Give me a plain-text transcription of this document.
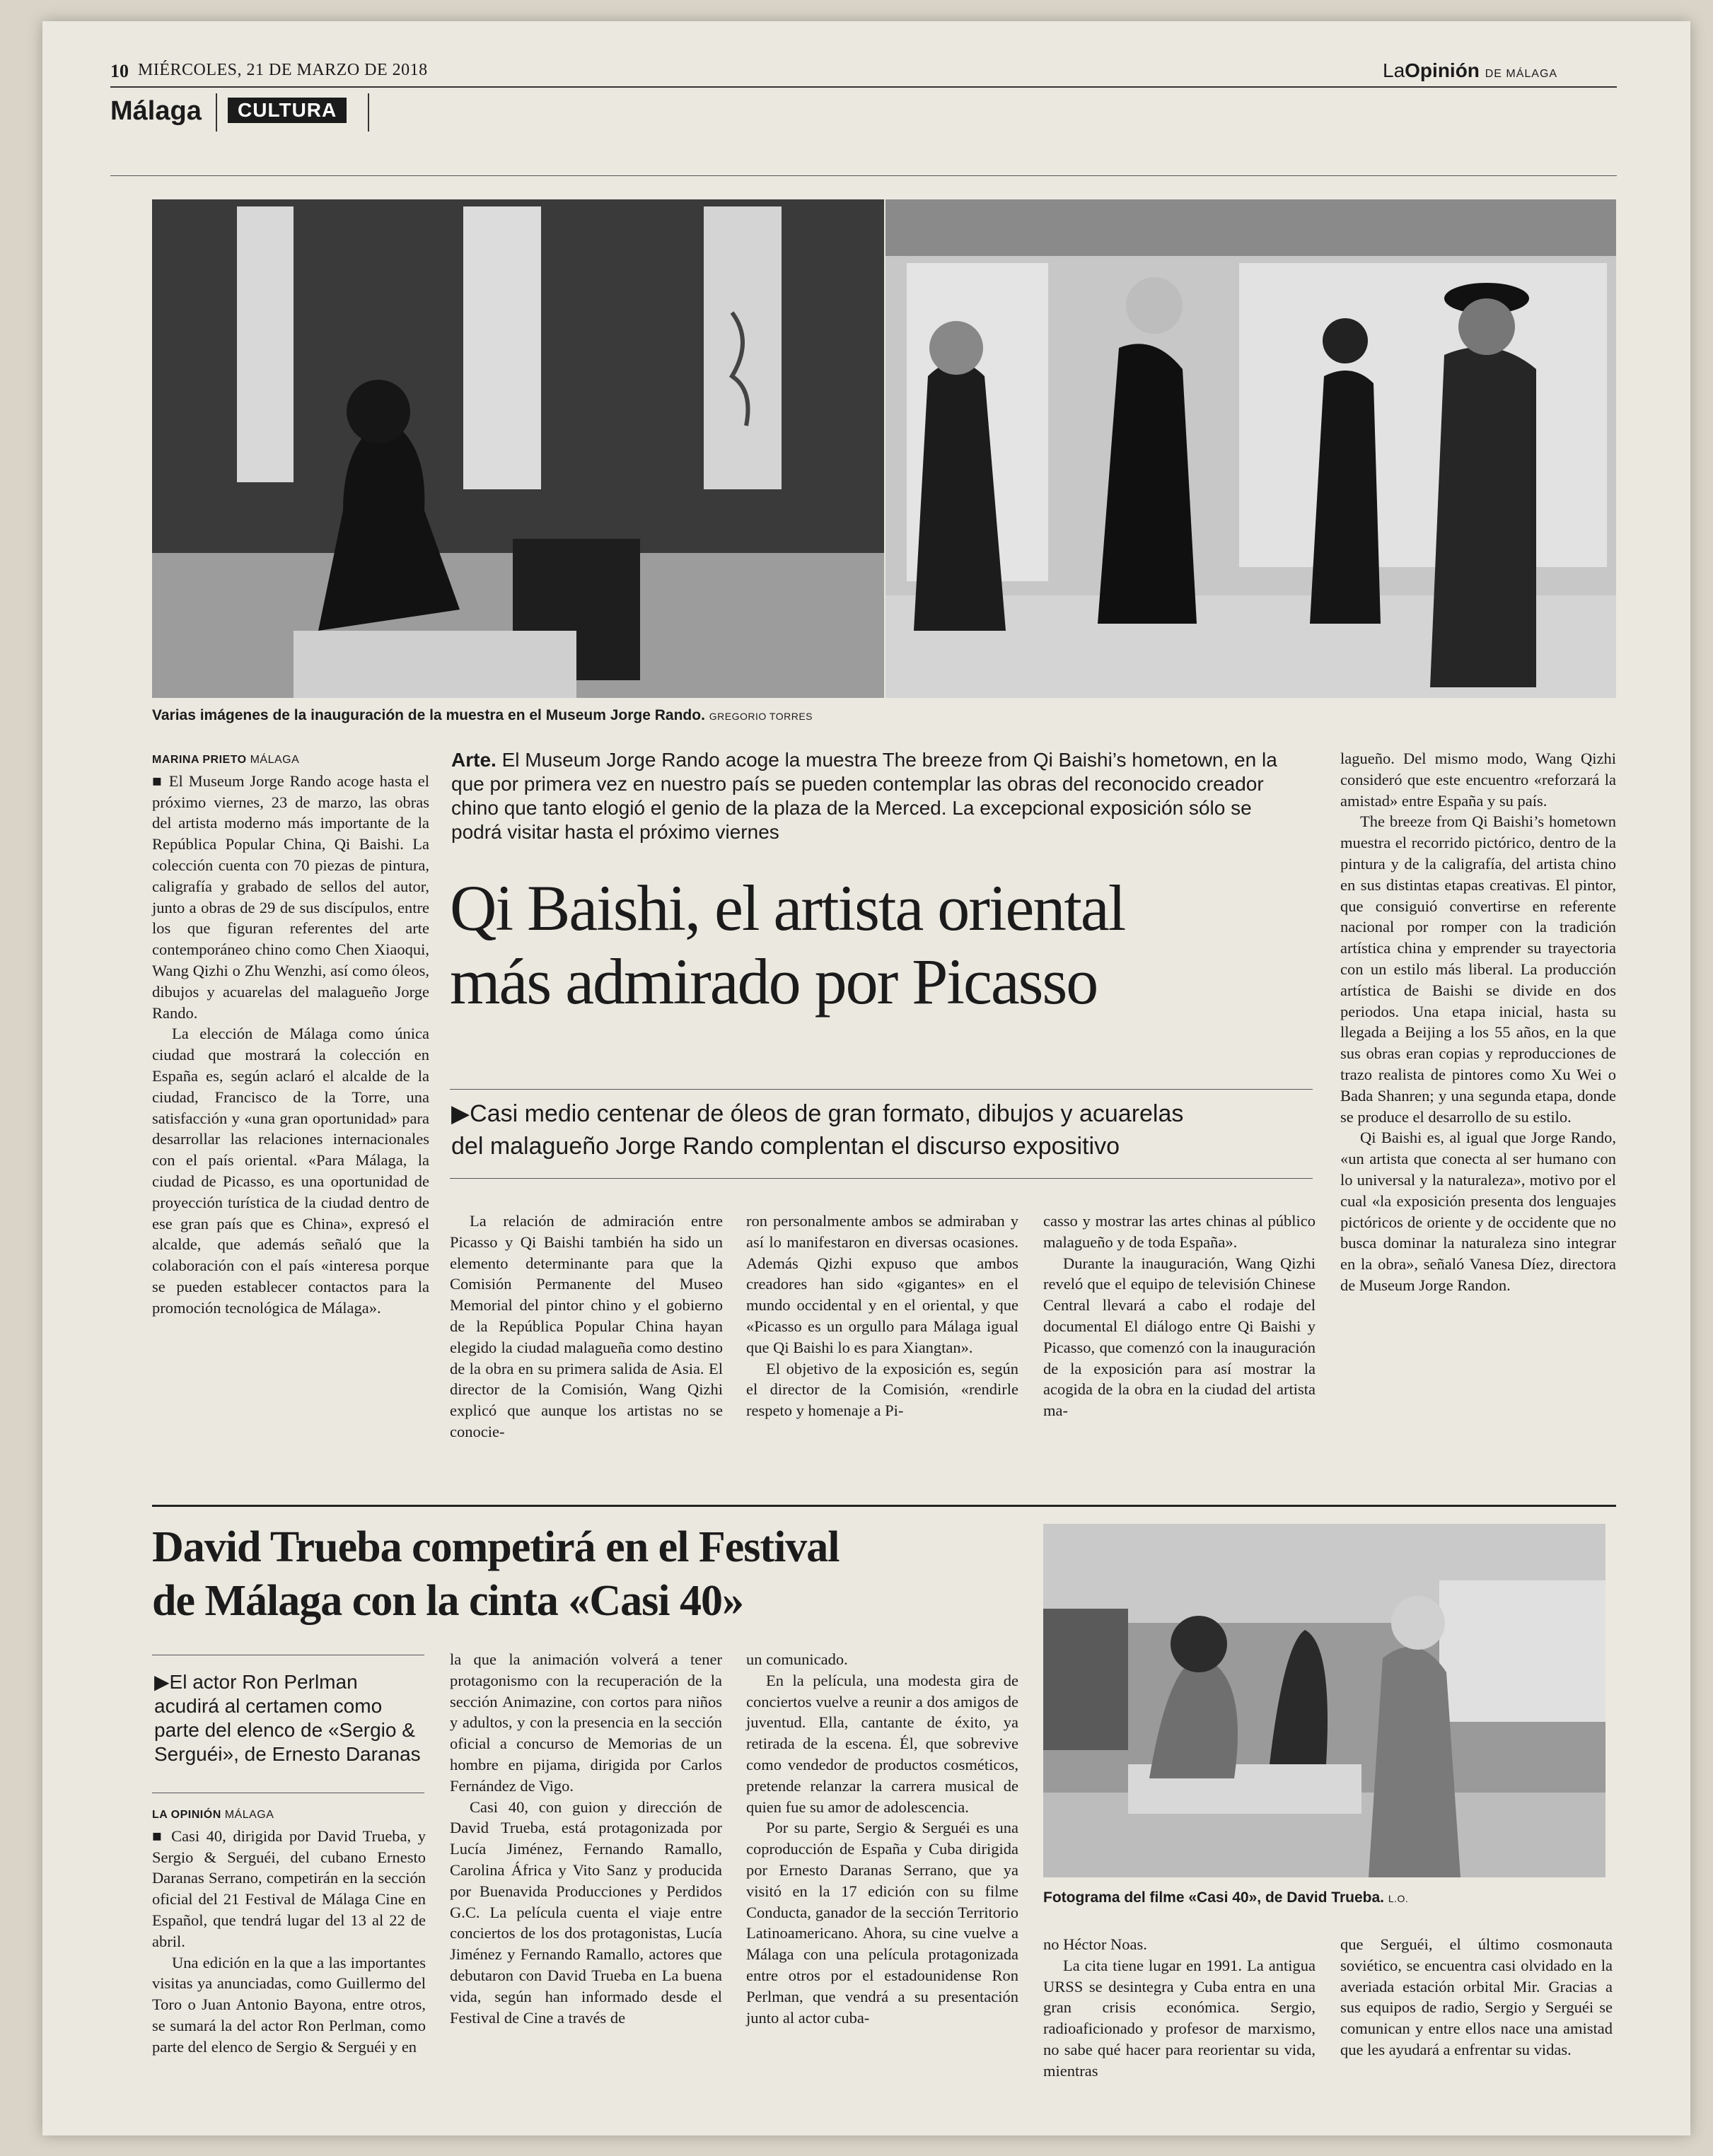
10 MIÉRCOLES, 21 DE MARZO DE 2018	LaOpinión DE MÁLAGA
Málaga	CULTURA
Varias imágenes de la inauguración de la muestra en el Museum Jorge Rando. GREGORIO TORRES
MARINA PRIETO MÁLAGA

■ El Museum Jorge Rando acoge hasta el próximo viernes, 23 de marzo, las obras del artista moderno más importante de la República Popular China, Qi Baishi. La colección cuenta con 70 piezas de pintura, caligrafía y grabado de sellos del autor, junto a obras de 29 de sus discípulos, entre los que figuran referentes del arte contemporáneo chino como Chen Xiaoqui, Wang Qizhi o Zhu Wenzhi, así como óleos, dibujos y acuarelas del malagueño Jorge Rando.

La elección de Málaga como única ciudad que mostrará la colección en España es, según aclaró el alcalde de la ciudad, Francisco de la Torre, una satisfacción y «una gran oportunidad» para desarrollar las relaciones internacionales con el país oriental. «Para Málaga, la ciudad de Picasso, es una oportunidad de proyección turística de la ciudad dentro de ese gran país que es China», expresó el alcalde, que además señaló que la colaboración con el país «interesa porque se pueden establecer contactos para la promoción tecnológica de Málaga».

Arte. El Museum Jorge Rando acoge la muestra The breeze from Qi Baishi’s hometown, en la que por primera vez en nuestro país se pueden contemplar las obras del reconocido creador chino que tanto elogió el genio de la plaza de la Merced. La excepcional exposición sólo se podrá visitar hasta el próximo viernes
Qi Baishi, el artista oriental
más admirado por Picasso
▶Casi medio centenar de óleos de gran formato, dibujos y acuarelas
del malagueño Jorge Rando complentan el discurso expositivo

La relación de admiración entre Picasso y Qi Baishi también ha sido un elemento determinante para que la Comisión Permanente del Museo Memorial del pintor chino y el gobierno de la República Popular China hayan elegido la ciudad malagueña como destino de la obra en su primera salida de Asia. El director de la Comisión, Wang Qizhi explicó que aunque los artistas no se conocie-

ron personalmente ambos se admiraban y así lo manifestaron en diversas ocasiones. Además Qizhi expuso que ambos creadores han sido «gigantes» en el mundo occidental y en el oriental, y que «Picasso es un orgullo para Málaga igual que Qi Baishi lo es para Xiangtan».

El objetivo de la exposición es, según el director de la Comisión, «rendirle respeto y homenaje a Pi-

casso y mostrar las artes chinas al público malagueño y de toda España».

Durante la inauguración, Wang Qizhi reveló que el equipo de televisión Chinese Central llevará a cabo el rodaje del documental El diálogo entre Qi Baishi y Picasso, que comenzó con la inauguración de la exposición para así mostrar la acogida de la obra en la ciudad del artista ma-

lagueño. Del mismo modo, Wang Qizhi consideró que este encuentro «reforzará la amistad» entre España y su país.

The breeze from Qi Baishi’s hometown muestra el recorrido pictórico, dentro de la pintura y de la caligrafía, del artista chino en sus distintas etapas creativas. El pintor, que consiguió convertirse en referente nacional por romper con la tradición artística china y emprender su trayectoria con un estilo más liberal. La producción artística de Baishi se divide en dos periodos. Una etapa inicial, hasta su llegada a Beijing a los 55 años, en la que sus obras eran copias y reproducciones de trazo realista de pintores como Xu Wei o Bada Shanren; y una segunda etapa, donde se produce el desarrollo de su estilo.

Qi Baishi es, al igual que Jorge Rando, «un artista que conecta al ser humano con lo universal y la naturaleza», motivo por el cual «la exposición presenta dos lenguajes pictóricos de oriente y de occidente que no busca dominar la naturaleza sino integrar en la obra», señaló Vanesa Díez, directora de Museum Jorge Randon.

David Trueba competirá en el Festival
de Málaga con la cinta «Casi 40»
▶El actor Ron Perlman acudirá al certamen como parte del elenco de «Sergio & Serguéi», de Ernesto Daranas
LA OPINIÓN MÁLAGA

■ Casi 40, dirigida por David Trueba, y Sergio & Serguéi, del cubano Ernesto Daranas Serrano, competirán en la sección oficial del 21 Festival de Málaga Cine en Español, que tendrá lugar del 13 al 22 de abril.

Una edición en la que a las importantes visitas ya anunciadas, como Guillermo del Toro o Juan Antonio Bayona, entre otros, se sumará la del actor Ron Perlman, como parte del elenco de Sergio & Serguéi y en

la que la animación volverá a tener protagonismo con la recuperación de la sección Animazine, con cortos para niños y adultos, y con la presencia en la sección oficial a concurso de Memorias de un hombre en pijama, dirigida por Carlos Fernández de Vigo.

Casi 40, con guion y dirección de David Trueba, está protagonizada por Lucía Jiménez, Fernando Ramallo, Carolina África y Vito Sanz y producida por Buenavida Producciones y Perdidos G.C. La película cuenta el viaje entre conciertos de los dos protagonistas, Lucía Jiménez y Fernando Ramallo, actores que debutaron con David Trueba en La buena vida, según han informado desde el Festival de Cine a través de

un comunicado.

En la película, una modesta gira de conciertos vuelve a reunir a dos amigos de juventud. Ella, cantante de éxito, ya retirada de la escena. Él, que sobrevive como vendedor de productos cosméticos, pretende relanzar la carrera musical de quien fue su amor de adolescencia.

Por su parte, Sergio & Serguéi es una coproducción de España y Cuba dirigida por Ernesto Daranas Serrano, que ya visitó en la 17 edición con su filme Conducta, ganador de la sección Territorio Latinoamericano. Ahora, su cine vuelve a Málaga con una película protagonizada entre otros por el estadounidense Ron Perlman, que vendrá a su presentación junto al actor cuba-

Fotograma del filme «Casi 40», de David Trueba. L.O.

no Héctor Noas.

La cita tiene lugar en 1991. La antigua URSS se desintegra y Cuba entra en una gran crisis económica. Sergio, radioaficionado y profesor de marxismo, no sabe qué hacer para reorientar su vida, mientras

que Serguéi, el último cosmonauta soviético, se encuentra casi olvidado en la averiada estación orbital Mir. Gracias a sus equipos de radio, Sergio y Serguéi se comunican y entre ellos nace una amistad que les ayudará a enfrentar su vidas.
